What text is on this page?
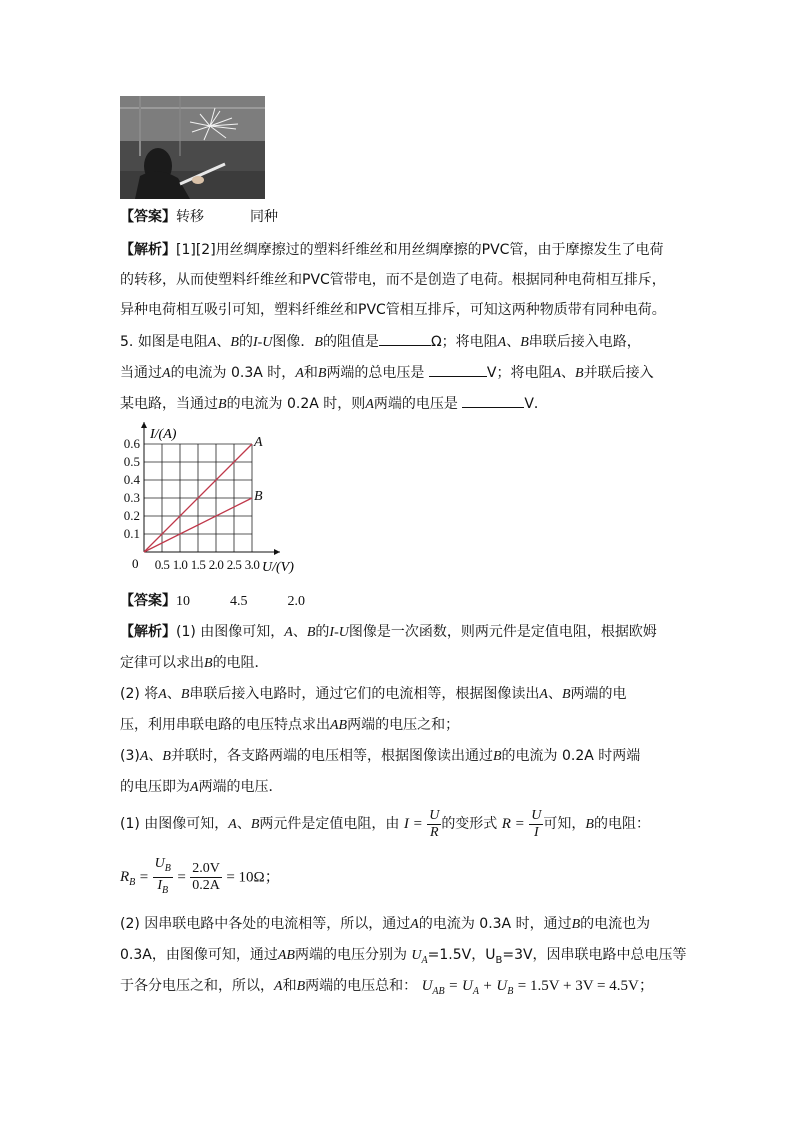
【答案】转移	同种
【解析】[1][2]用丝绸摩擦过的塑料纤维丝和用丝绸摩擦的PVC管，由于摩擦发生了电荷
的转移，从而使塑料纤维丝和PVC管带电，而不是创造了电荷。根据同种电荷相互排斥，
异种电荷相互吸引可知，塑料纤维丝和PVC管相互排斥，可知这两种物质带有同种电荷。
5. 如图是电阻A、B的I-U图像．B的阻值是	Ω；将电阻A、B串联后接入电路，
当通过A的电流为 0.3A 时，A和B两端的总电压是	V；将电阻A、B并联后接入
某电路，当通过B的电流为 0.2A 时，则A两端的电压是	V．
A
B
0.1
0.2
0.3
0.4
0.5
0.6
0.5 1.0 1.5 2.0 2.5 3.0
I/(A)
U/(V)
0
【答案】10	4.5	2.0
【解析】(1) 由图像可知，A、B的I-U图像是一次函数，则两元件是定值电阻，根据欧姆
定律可以求出B的电阻．
(2) 将A、B串联后接入电路时，通过它们的电流相等，根据图像读出A、B两端的电
压，利用串联电路的电压特点求出AB两端的电压之和；
(3)A、B并联时，各支路两端的电压相等，根据图像读出通过B的电流为 0.2A 时两端
的电压即为A两端的电压．
(1) 由图像可知，A、B两元件是定值电阻，由 $I = \frac{U}{R}$ 的变形式 $R = \frac{U}{I}$ 可知，B的电阻：
$R_B = \frac{U_B}{I_B} = \frac{2.0V}{0.2A} = 10\Omega$；
(2) 因串联电路中各处的电流相等，所以，通过A的电流为 0.3A 时，通过B的电流也为
0.3A，由图像可知，通过AB两端的电压分别为 $U_A=1.5V$，$U_B=3V$，因串联电路中总电压等
于各分电压之和，所以，A和B两端的电压总和： $U_{AB} = U_A + U_B = 1.5V + 3V = 4.5V$；
